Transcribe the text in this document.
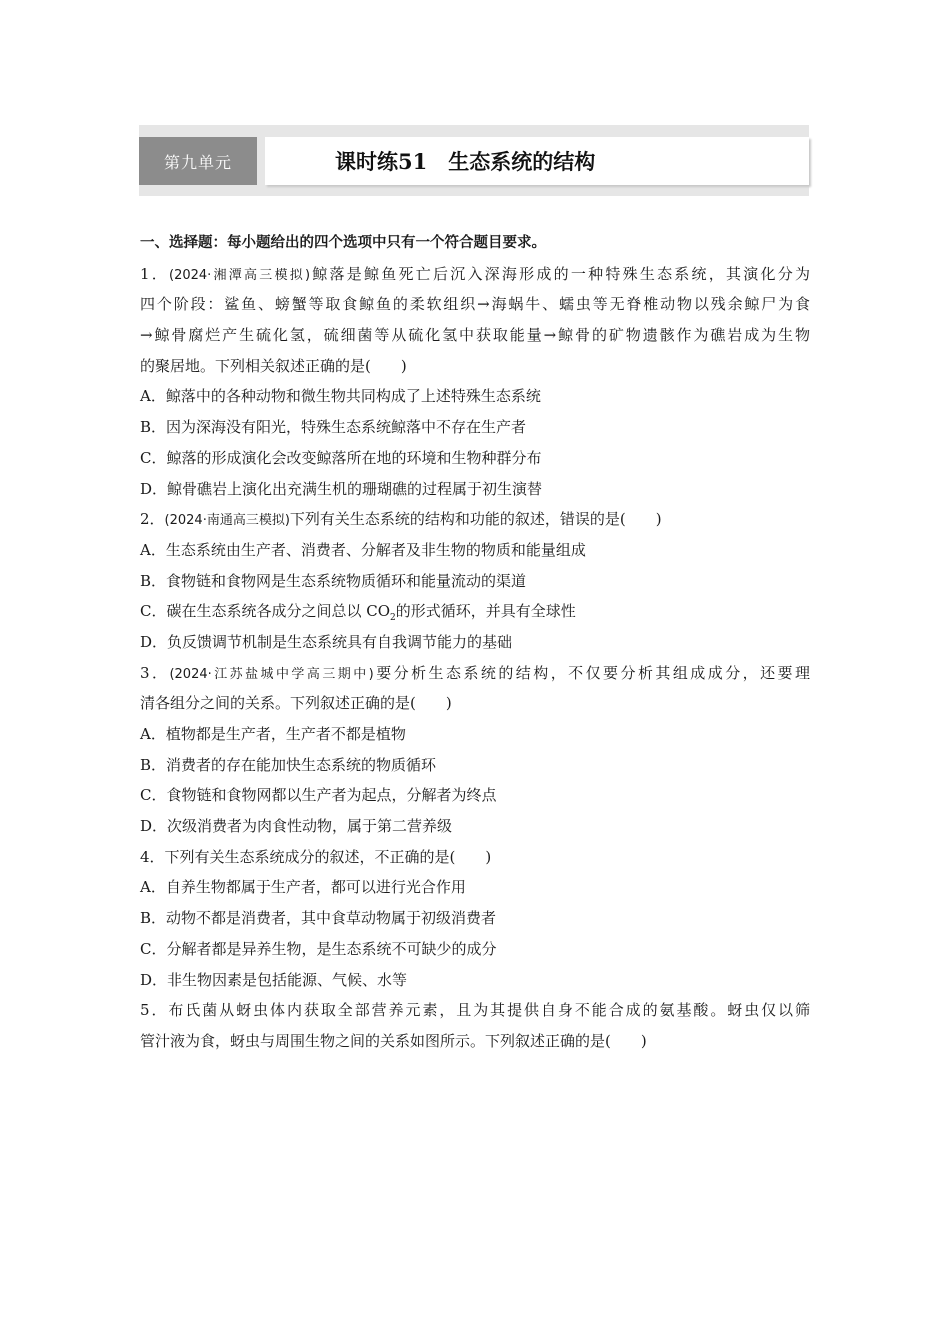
第九单元	课时练51　生态系统的结构
一、选择题：每小题给出的四个选项中只有一个符合题目要求。
1．(2024·湘潭高三模拟)鲸落是鲸鱼死亡后沉入深海形成的一种特殊生态系统，其演化分为
四个阶段：鲨鱼、螃蟹等取食鲸鱼的柔软组织→海蜗牛、蠕虫等无脊椎动物以残余鲸尸为食
→鲸骨腐烂产生硫化氢，硫细菌等从硫化氢中获取能量→鲸骨的矿物遗骸作为礁岩成为生物
的聚居地。下列相关叙述正确的是(　　)
A．鲸落中的各种动物和微生物共同构成了上述特殊生态系统
B．因为深海没有阳光，特殊生态系统鲸落中不存在生产者
C．鲸落的形成演化会改变鲸落所在地的环境和生物种群分布
D．鲸骨礁岩上演化出充满生机的珊瑚礁的过程属于初生演替
2．(2024·南通高三模拟)下列有关生态系统的结构和功能的叙述，错误的是(　　)
A．生态系统由生产者、消费者、分解者及非生物的物质和能量组成
B．食物链和食物网是生态系统物质循环和能量流动的渠道
C．碳在生态系统各成分之间总以 $CO_2$的形式循环，并具有全球性
D．负反馈调节机制是生态系统具有自我调节能力的基础
3．(2024·江苏盐城中学高三期中)要分析生态系统的结构，不仅要分析其组成成分，还要理
清各组分之间的关系。下列叙述正确的是(　　)
A．植物都是生产者，生产者不都是植物
B．消费者的存在能加快生态系统的物质循环
C．食物链和食物网都以生产者为起点，分解者为终点
D．次级消费者为肉食性动物，属于第二营养级
4．下列有关生态系统成分的叙述，不正确的是(　　)
A．自养生物都属于生产者，都可以进行光合作用
B．动物不都是消费者，其中食草动物属于初级消费者
C．分解者都是异养生物，是生态系统不可缺少的成分
D．非生物因素是包括能源、气候、水等
5．布氏菌从蚜虫体内获取全部营养元素，且为其提供自身不能合成的氨基酸。蚜虫仅以筛
管汁液为食，蚜虫与周围生物之间的关系如图所示。下列叙述正确的是(　　)
